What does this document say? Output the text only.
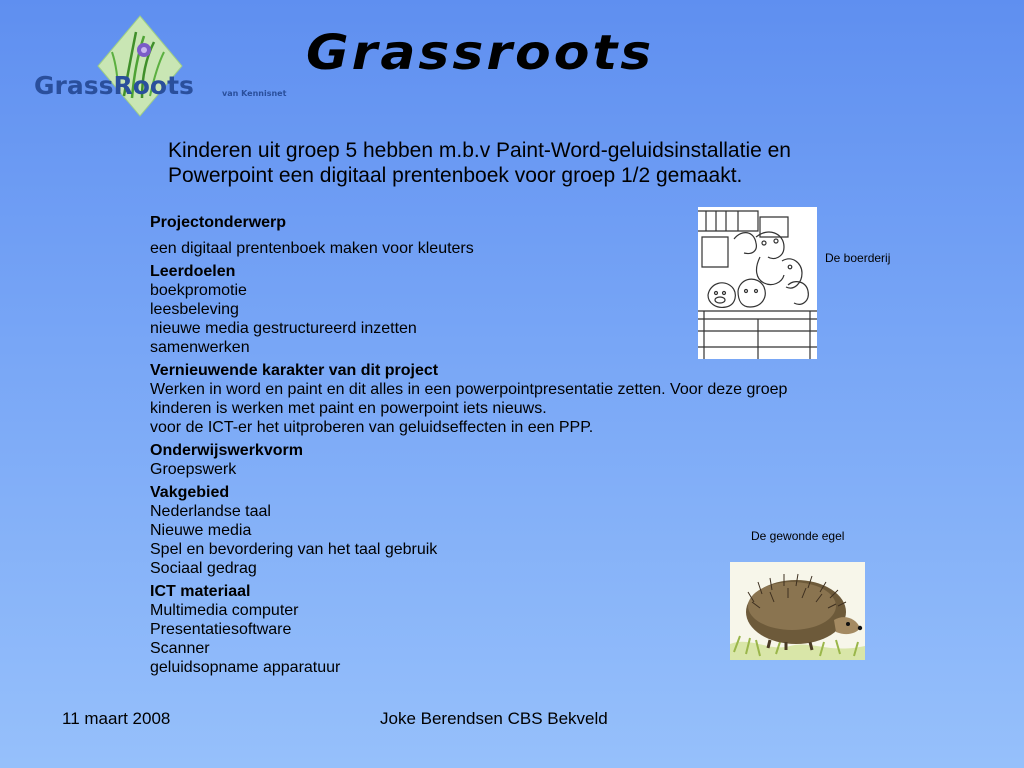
GrassRoots	van Kennisnet
Grassroots
Kinderen uit groep 5 hebben m.b.v Paint-Word-geluidsinstallatie en
Powerpoint een digitaal prentenboek voor groep 1/2 gemaakt.
Projectonderwerp
een digitaal prentenboek maken voor kleuters
Leerdoelen
boekpromotie
leesbeleving
nieuwe media gestructureerd inzetten
samenwerken
Vernieuwende karakter van dit project
Werken in word en paint en dit alles in een powerpointpresentatie zetten. Voor deze groep
kinderen is werken met paint en powerpoint iets nieuws.
voor de ICT-er het uitproberen van geluidseffecten in een PPP.
Onderwijswerkvorm
Groepswerk
Vakgebied
Nederlandse taal
Nieuwe media
Spel en bevordering van het taal gebruik
Sociaal gedrag
ICT materiaal
Multimedia computer
Presentatiesoftware
Scanner
geluidsopname apparatuur
De boerderij
De gewonde egel
11 maart 2008	Joke Berendsen CBS Bekveld
